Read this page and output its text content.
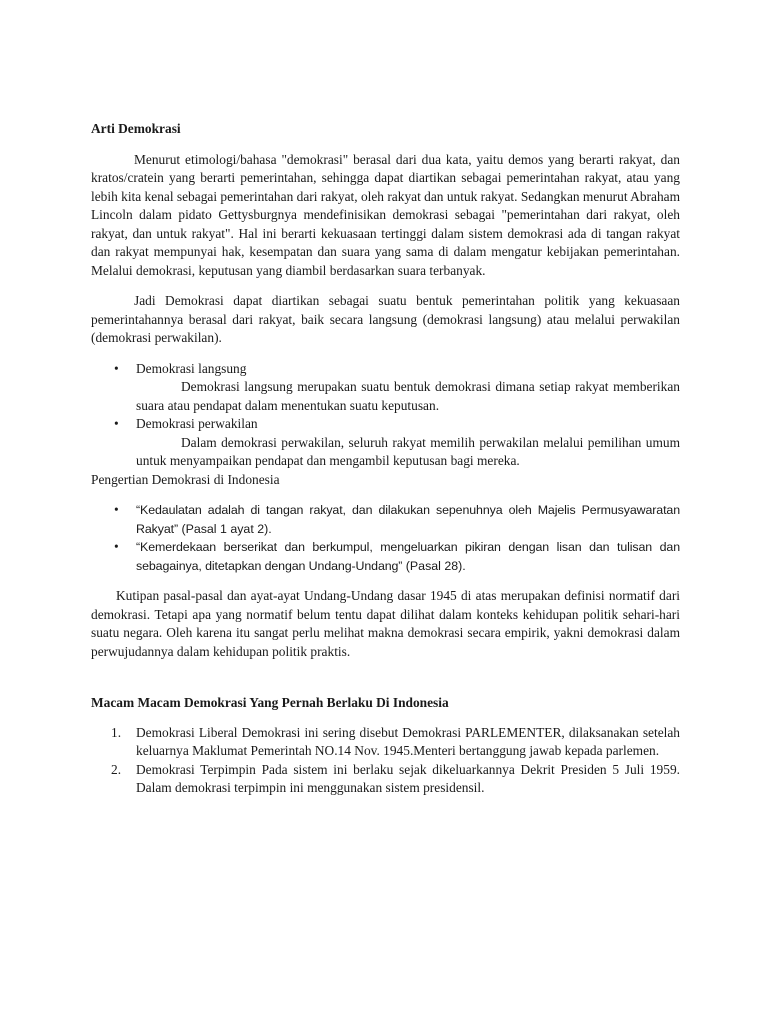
Arti Demokrasi

Menurut etimologi/bahasa "demokrasi" berasal dari dua kata, yaitu demos yang berarti rakyat, dan kratos/cratein yang berarti pemerintahan, sehingga dapat diartikan sebagai pemerintahan rakyat, atau yang lebih kita kenal sebagai pemerintahan dari rakyat, oleh rakyat dan untuk rakyat. Sedangkan menurut Abraham Lincoln dalam pidato Gettysburgnya mendefinisikan demokrasi sebagai "pemerintahan dari rakyat, oleh rakyat, dan untuk rakyat". Hal ini berarti kekuasaan tertinggi dalam sistem demokrasi ada di tangan rakyat dan rakyat mempunyai hak, kesempatan dan suara yang sama di dalam mengatur kebijakan pemerintahan. Melalui demokrasi, keputusan yang diambil berdasarkan suara terbanyak.

Jadi Demokrasi dapat diartikan sebagai suatu bentuk pemerintahan politik yang kekuasaan pemerintahannya berasal dari rakyat, baik secara langsung (demokrasi langsung) atau melalui perwakilan (demokrasi perwakilan).

• Demokrasi langsung
Demokrasi langsung merupakan suatu bentuk demokrasi dimana setiap rakyat memberikan suara atau pendapat dalam menentukan suatu keputusan.
• Demokrasi perwakilan
Dalam demokrasi perwakilan, seluruh rakyat memilih perwakilan melalui pemilihan umum untuk menyampaikan pendapat dan mengambil keputusan bagi mereka.

Pengertian Demokrasi di Indonesia

• “Kedaulatan adalah di tangan rakyat, dan dilakukan sepenuhnya oleh Majelis Permusyawaratan Rakyat” (Pasal 1 ayat 2).
• “Kemerdekaan berserikat dan berkumpul, mengeluarkan pikiran dengan lisan dan tulisan dan sebagainya, ditetapkan dengan Undang-Undang” (Pasal 28).

Kutipan pasal-pasal dan ayat-ayat Undang-Undang dasar 1945 di atas merupakan definisi normatif dari demokrasi. Tetapi apa yang normatif belum tentu dapat dilihat dalam konteks kehidupan politik sehari-hari suatu negara. Oleh karena itu sangat perlu melihat makna demokrasi secara empirik, yakni demokrasi dalam perwujudannya dalam kehidupan politik praktis.

Macam Macam Demokrasi Yang Pernah Berlaku Di Indonesia
1. Demokrasi Liberal Demokrasi ini sering disebut Demokrasi PARLEMENTER, dilaksanakan setelah keluarnya Maklumat Pemerintah NO.14 Nov. 1945.Menteri bertanggung jawab kepada parlemen.
2. Demokrasi Terpimpin Pada sistem ini berlaku sejak dikeluarkannya Dekrit Presiden 5 Juli 1959. Dalam demokrasi terpimpin ini menggunakan sistem presidensil.
